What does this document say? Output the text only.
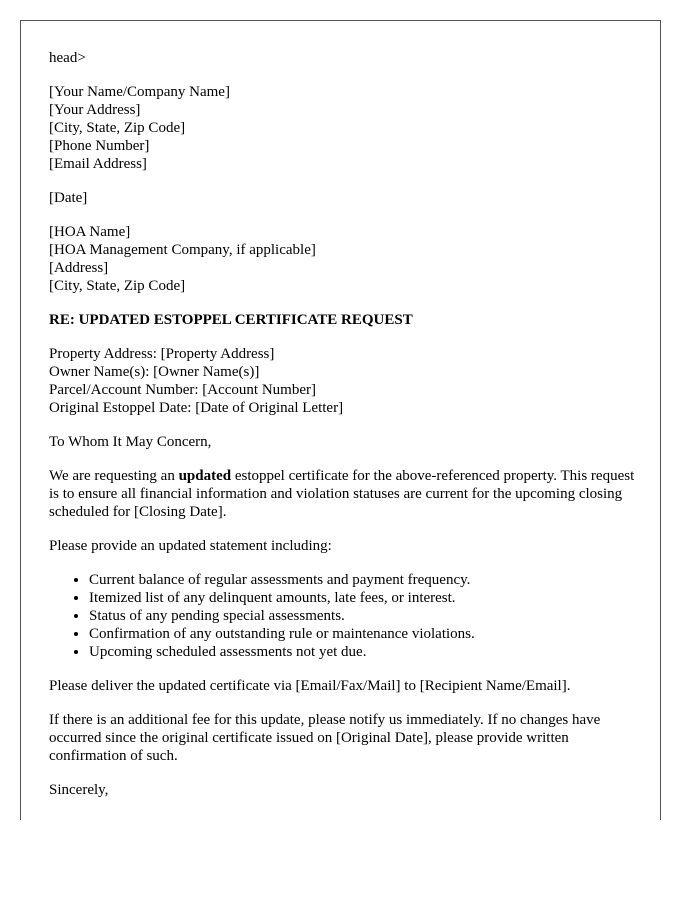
head>
[Your Name/Company Name]
[Your Address]
[City, State, Zip Code]
[Phone Number]
[Email Address]
[Date]
[HOA Name]
[HOA Management Company, if applicable]
[Address]
[City, State, Zip Code]
RE: UPDATED ESTOPPEL CERTIFICATE REQUEST
Property Address: [Property Address]
Owner Name(s): [Owner Name(s)]
Parcel/Account Number: [Account Number]
Original Estoppel Date: [Date of Original Letter]

To Whom It May Concern,

We are requesting an updated estoppel certificate for the above-referenced property. This request is to ensure all financial information and violation statuses are current for the upcoming closing scheduled for [Closing Date].

Please provide an updated statement including:

• Current balance of regular assessments and payment frequency.
• Itemized list of any delinquent amounts, late fees, or interest.
• Status of any pending special assessments.
• Confirmation of any outstanding rule or maintenance violations.
• Upcoming scheduled assessments not yet due.

Please deliver the updated certificate via [Email/Fax/Mail] to [Recipient Name/Email].

If there is an additional fee for this update, please notify us immediately. If no changes have occurred since the original certificate issued on [Original Date], please provide written confirmation of such.

Sincerely,
